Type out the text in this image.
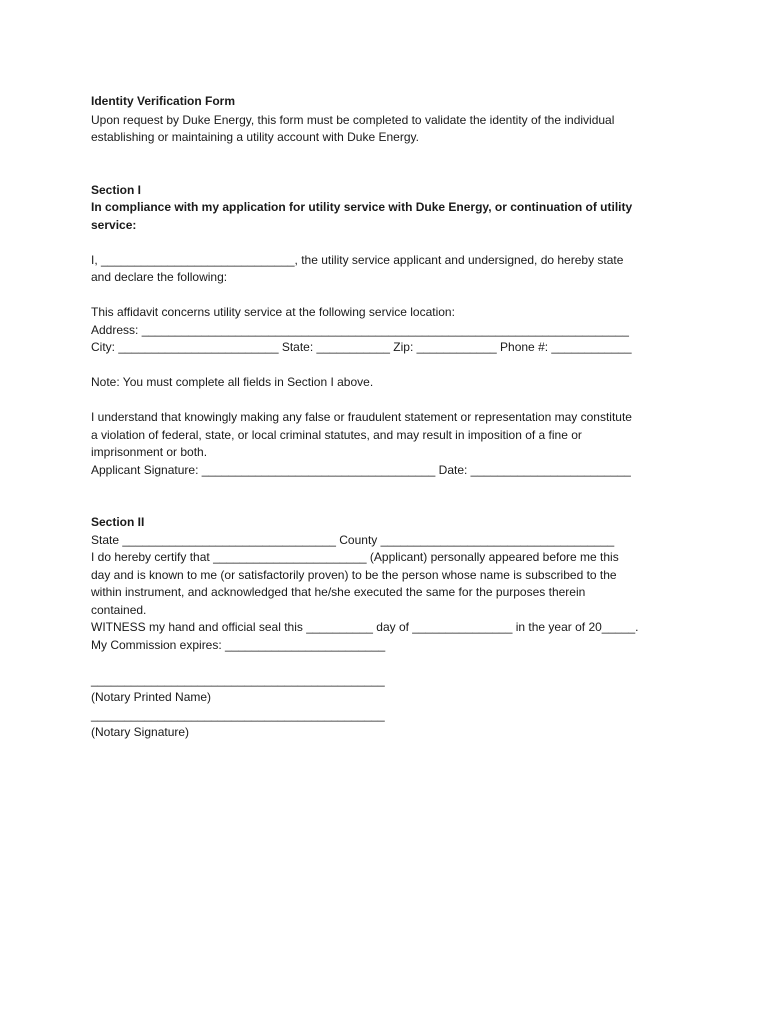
Identity Verification Form
Upon request by Duke Energy, this form must be completed to validate the identity of the individual
establishing or maintaining a utility account with Duke Energy.
Section I
In compliance with my application for utility service with Duke Energy, or continuation of utility
service:
I, _____________________________, the utility service applicant and undersigned, do hereby state
and declare the following:
This affidavit concerns utility service at the following service location:
Address: _________________________________________________________________________
City: ________________________ State: ___________ Zip: ____________ Phone #: ____________
Note: You must complete all fields in Section I above.
I understand that knowingly making any false or fraudulent statement or representation may constitute
a violation of federal, state, or local criminal statutes, and may result in imposition of a fine or
imprisonment or both.
Applicant Signature: ___________________________________ Date: ________________________
Section II
State ________________________________ County ___________________________________
I do hereby certify that _______________________ (Applicant) personally appeared before me this
day and is known to me (or satisfactorily proven) to be the person whose name is subscribed to the
within instrument, and acknowledged that he/she executed the same for the purposes therein
contained.
WITNESS my hand and official seal this __________ day of _______________ in the year of 20_____.
My Commission expires: ________________________
____________________________________________
(Notary Printed Name)
____________________________________________
(Notary Signature)
